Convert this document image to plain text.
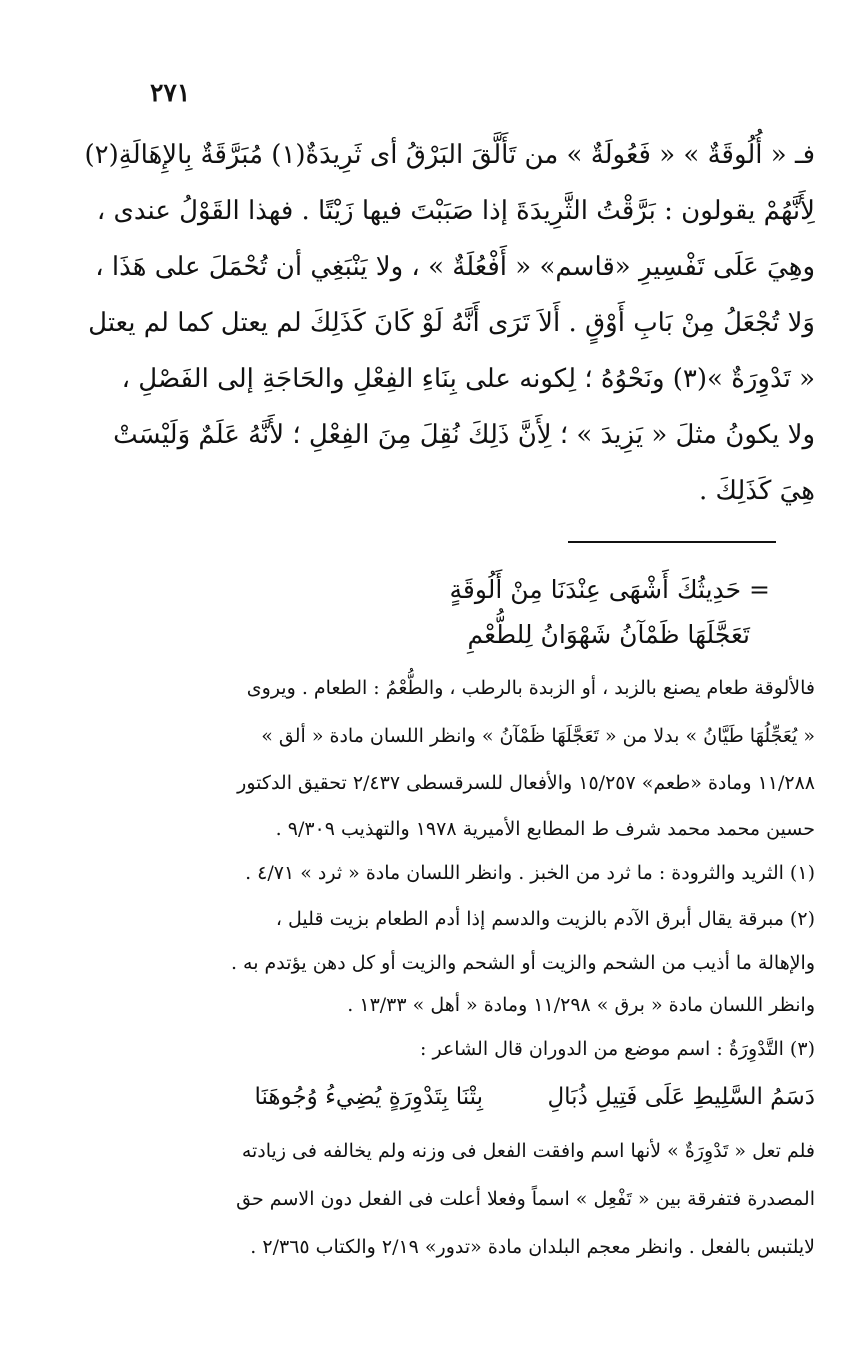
٢٧١
فـ « أُلُوقَةٌ » « فَعُولَةٌ » من تَأَلَّقَ البَرْقُ أى ثَرِيدَةٌ(١) مُبَرَّقَةٌ بِالإِهَالَةِ(٢)
لِأَنَّهُمْ يقولون : بَرَّقْتُ الثَّرِيدَةَ إذا صَبَبْتَ فيها زَيْتًا . فهذا القَوْلُ عندى ،
وهِيَ عَلَى تَفْسِيرِ «قاسم» « أَفْعُلَةٌ » ، ولا يَنْبَغِي أن تُحْمَلَ على هَذَا ،
وَلا تُجْعَلُ مِنْ بَابِ أَوْقٍ . أَلاَ تَرَى أَنَّهُ لَوْ كَانَ كَذَلِكَ لم يعتل كما لم يعتل
« تَدْوِرَةٌ »(٣) ونَحْوُهُ ؛ لِكونه على بِنَاءِ الفِعْلِ والحَاجَةِ إلى الفَصْلِ ،
ولا يكونُ مثلَ « يَزِيدَ » ؛ لِأَنَّ ذَلِكَ نُقِلَ مِنَ الفِعْلِ ؛ لأَنَّهُ عَلَمٌ وَلَيْسَتْ
هِيَ كَذَلِكَ .
= حَدِيثُكَ أَشْهَى عِنْدَنَا مِنْ أَلُوقَةٍ
تَعَجَّلَهَا ظَمْآنُ شَهْوَانُ لِلطُّعْمِ
فالألوقة طعام يصنع بالزبد ، أو الزبدة بالرطب ، والطُّعْمُ : الطعام . ويروى
« يُعَجِّلُهَا طَيَّانُ » بدلا من « تَعَجَّلَهَا ظَمْآنُ » وانظر اللسان مادة « ألق »
١١/٢٨٨ ومادة «طعم» ١٥/٢٥٧ والأفعال للسرقسطى ٢/٤٣٧ تحقيق الدكتور
حسين محمد محمد شرف ط المطابع الأميرية ١٩٧٨ والتهذيب ٩/٣٠٩ .
(١) الثريد والثرودة : ما ثرد من الخبز . وانظر اللسان مادة « ثرد » ٤/٧١ .
(٢) مبرقة يقال أبرق الآدم بالزيت والدسم إذا أدم الطعام بزيت قليل ،
والإهالة ما أذيب من الشحم والزيت أو الشحم والزيت أو كل دهن يؤتدم به .
وانظر اللسان مادة « برق » ١١/٢٩٨ ومادة « أهل » ١٣/٣٣ .
(٣) التَّدْوِرَةُ : اسم موضع من الدوران قال الشاعر :
بِتْنَا بِتَدْوِرَةٍ يُضِيءُ وُجُوهَنَا	دَسَمُ السَّلِيطِ عَلَى فَتِيلِ ذُبَالِ
فلم تعل « تَدْوِرَةٌ » لأنها اسم وافقت الفعل فى وزنه ولم يخالفه فى زيادته
المصدرة فتفرقة بين « تَفْعِل » اسماً وفعلا أعلت فى الفعل دون الاسم حق
لايلتبس بالفعل . وانظر معجم البلدان مادة «تدور» ٢/١٩ والكتاب ٢/٣٦٥ .
